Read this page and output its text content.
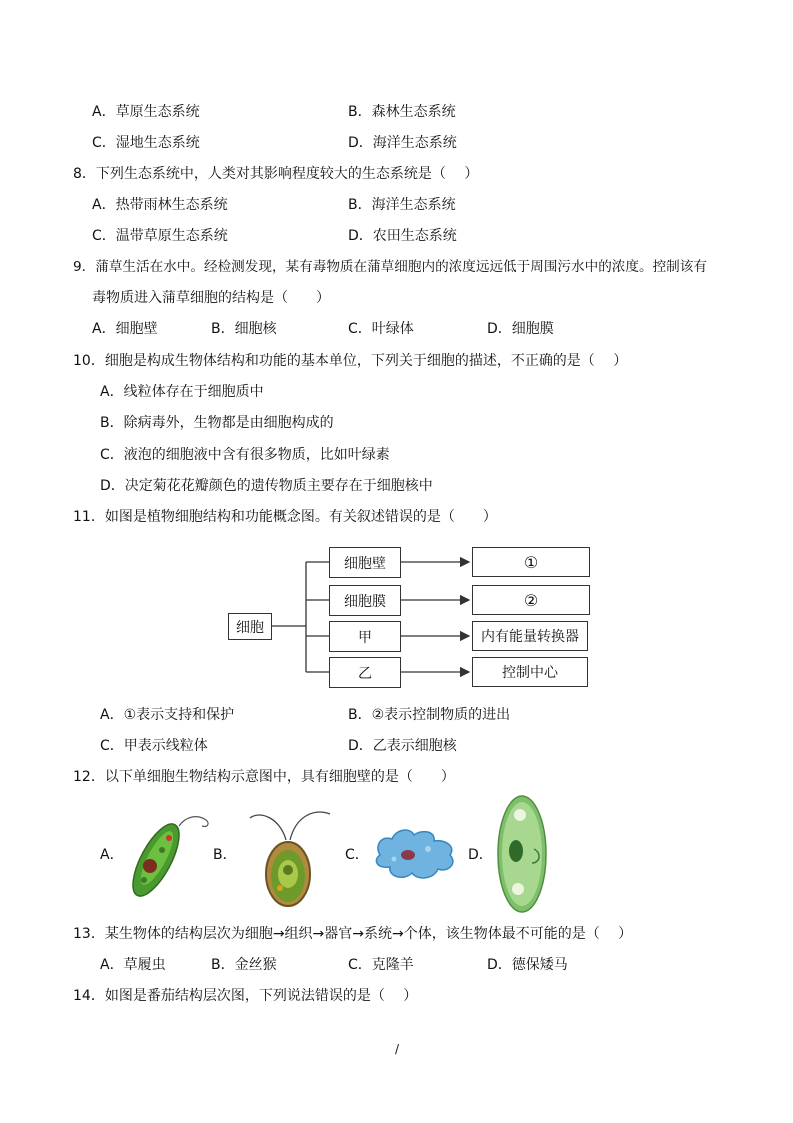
A．草原生态系统	B．森林生态系统
C．湿地生态系统	D．海洋生态系统
8．下列生态系统中，人类对其影响程度较大的生态系统是（　 ）
A．热带雨林生态系统	B．海洋生态系统
C．温带草原生态系统	D．农田生态系统
9．蒲草生活在水中。经检测发现，某有毒物质在蒲草细胞内的浓度远远低于周围污水中的浓度。控制该有
毒物质进入蒲草细胞的结构是（　　）
A．细胞壁	B．细胞核	C．叶绿体	D．细胞膜
10．细胞是构成生物体结构和功能的基本单位，下列关于细胞的描述，不正确的是（　 ）
A．线粒体存在于细胞质中
B．除病毒外，生物都是由细胞构成的
C．液泡的细胞液中含有很多物质，比如叶绿素
D．决定菊花花瓣颜色的遗传物质主要存在于细胞核中
11．如图是植物细胞结构和功能概念图。有关叙述错误的是（　　）
细胞
细胞壁
细胞膜
甲
乙
①
②
内有能量转换器
控制中心
A．①表示支持和保护	B．②表示控制物质的进出
C．甲表示线粒体	D．乙表示细胞核
12．以下单细胞生物结构示意图中，具有细胞壁的是（　　）
A．	B．	C．	D．
13．某生物体的结构层次为细胞→组织→器官→系统→个体，该生物体最不可能的是（　 ）
A．草履虫	B．金丝猴	C．克隆羊	D．德保矮马
14．如图是番茄结构层次图，下列说法错误的是（　 ）
/
